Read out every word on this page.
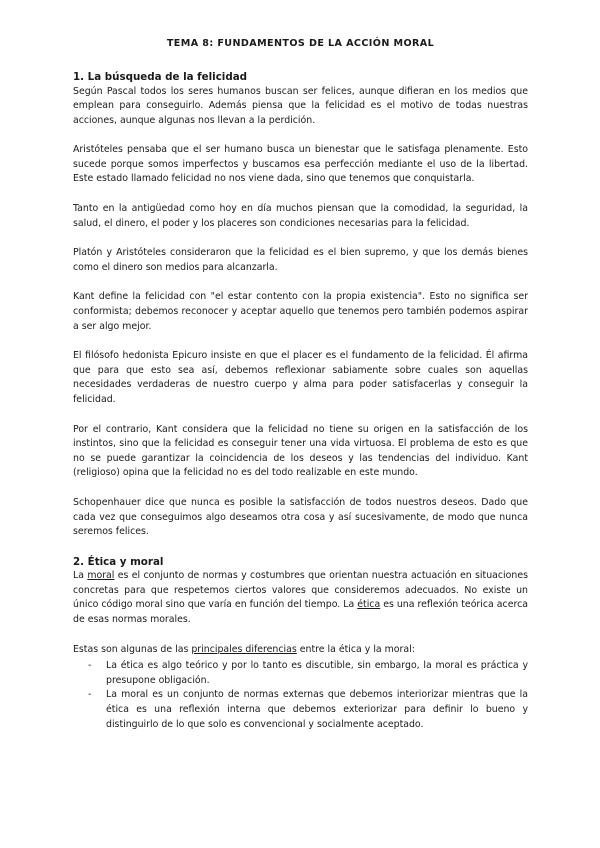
TEMA 8: FUNDAMENTOS DE LA ACCIÓN MORAL
1. La búsqueda de la felicidad

Según Pascal todos los seres humanos buscan ser felices, aunque difieran en los medios que emplean para conseguirlo. Además piensa que la felicidad es el motivo de todas nuestras acciones, aunque algunas nos llevan a la perdición.

Aristóteles pensaba que el ser humano busca un bienestar que le satisfaga plenamente. Esto sucede porque somos imperfectos y buscamos esa perfección mediante el uso de la libertad. Este estado llamado felicidad no nos viene dada, sino que tenemos que conquistarla.

Tanto en la antigüedad como hoy en día muchos piensan que la comodidad, la seguridad, la salud, el dinero, el poder y los placeres son condiciones necesarias para la felicidad.

Platón y Aristóteles consideraron que la felicidad es el bien supremo, y que los demás bienes como el dinero son medios para alcanzarla.

Kant define la felicidad con "el estar contento con la propia existencia". Esto no significa ser conformista; debemos reconocer y aceptar aquello que tenemos pero también podemos aspirar a ser algo mejor.

El filósofo hedonista Epicuro insiste en que el placer es el fundamento de la felicidad. Él afirma que para que esto sea así, debemos reflexionar sabiamente sobre cuales son aquellas necesidades verdaderas de nuestro cuerpo y alma para poder satisfacerlas y conseguir la felicidad.

Por el contrario, Kant considera que la felicidad no tiene su origen en la satisfacción de los instintos, sino que la felicidad es conseguir tener una vida virtuosa. El problema de esto es que no se puede garantizar la coincidencia de los deseos y las tendencias del individuo. Kant (religioso) opina que la felicidad no es del todo realizable en este mundo.

Schopenhauer dice que nunca es posible la satisfacción de todos nuestros deseos. Dado que cada vez que conseguimos algo deseamos otra cosa y así sucesivamente, de modo que nunca seremos felices.

2. Ética y moral

La moral es el conjunto de normas y costumbres que orientan nuestra actuación en situaciones concretas para que respetemos ciertos valores que consideremos adecuados. No existe un único código moral sino que varía en función del tiempo. La ética es una reflexión teórica acerca de esas normas morales.

Estas son algunas de las principales diferencias entre la ética y la moral:

- La ética es algo teórico y por lo tanto es discutible, sin embargo, la moral es práctica y presupone obligación.
- La moral es un conjunto de normas externas que debemos interiorizar mientras que la ética es una reflexión interna que debemos exteriorizar para definir lo bueno y distinguirlo de lo que solo es convencional y socialmente aceptado.
